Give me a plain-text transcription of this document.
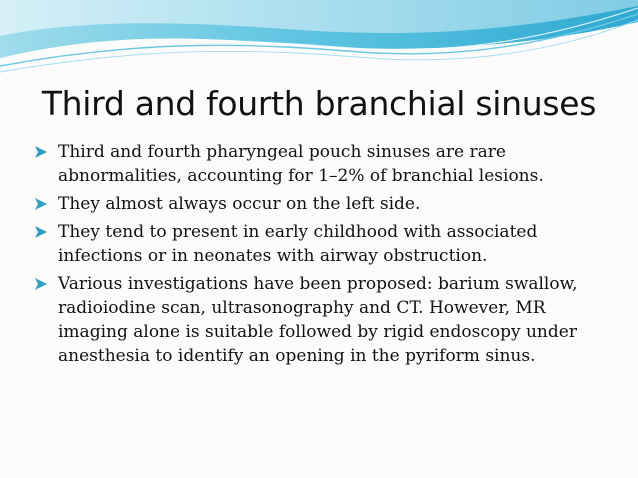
Third and fourth branchial sinuses
Third and fourth pharyngeal pouch sinuses are rare abnormalities, accounting for 1–2% of branchial lesions.
They almost always occur on the left side.
They tend to present in early childhood with associated infections or in neonates with airway obstruction.
Various investigations have been proposed: barium swallow, radioiodine scan, ultrasonography and CT. However, MR imaging alone is suitable followed by rigid endoscopy under anesthesia to identify an opening in the pyriform sinus.
